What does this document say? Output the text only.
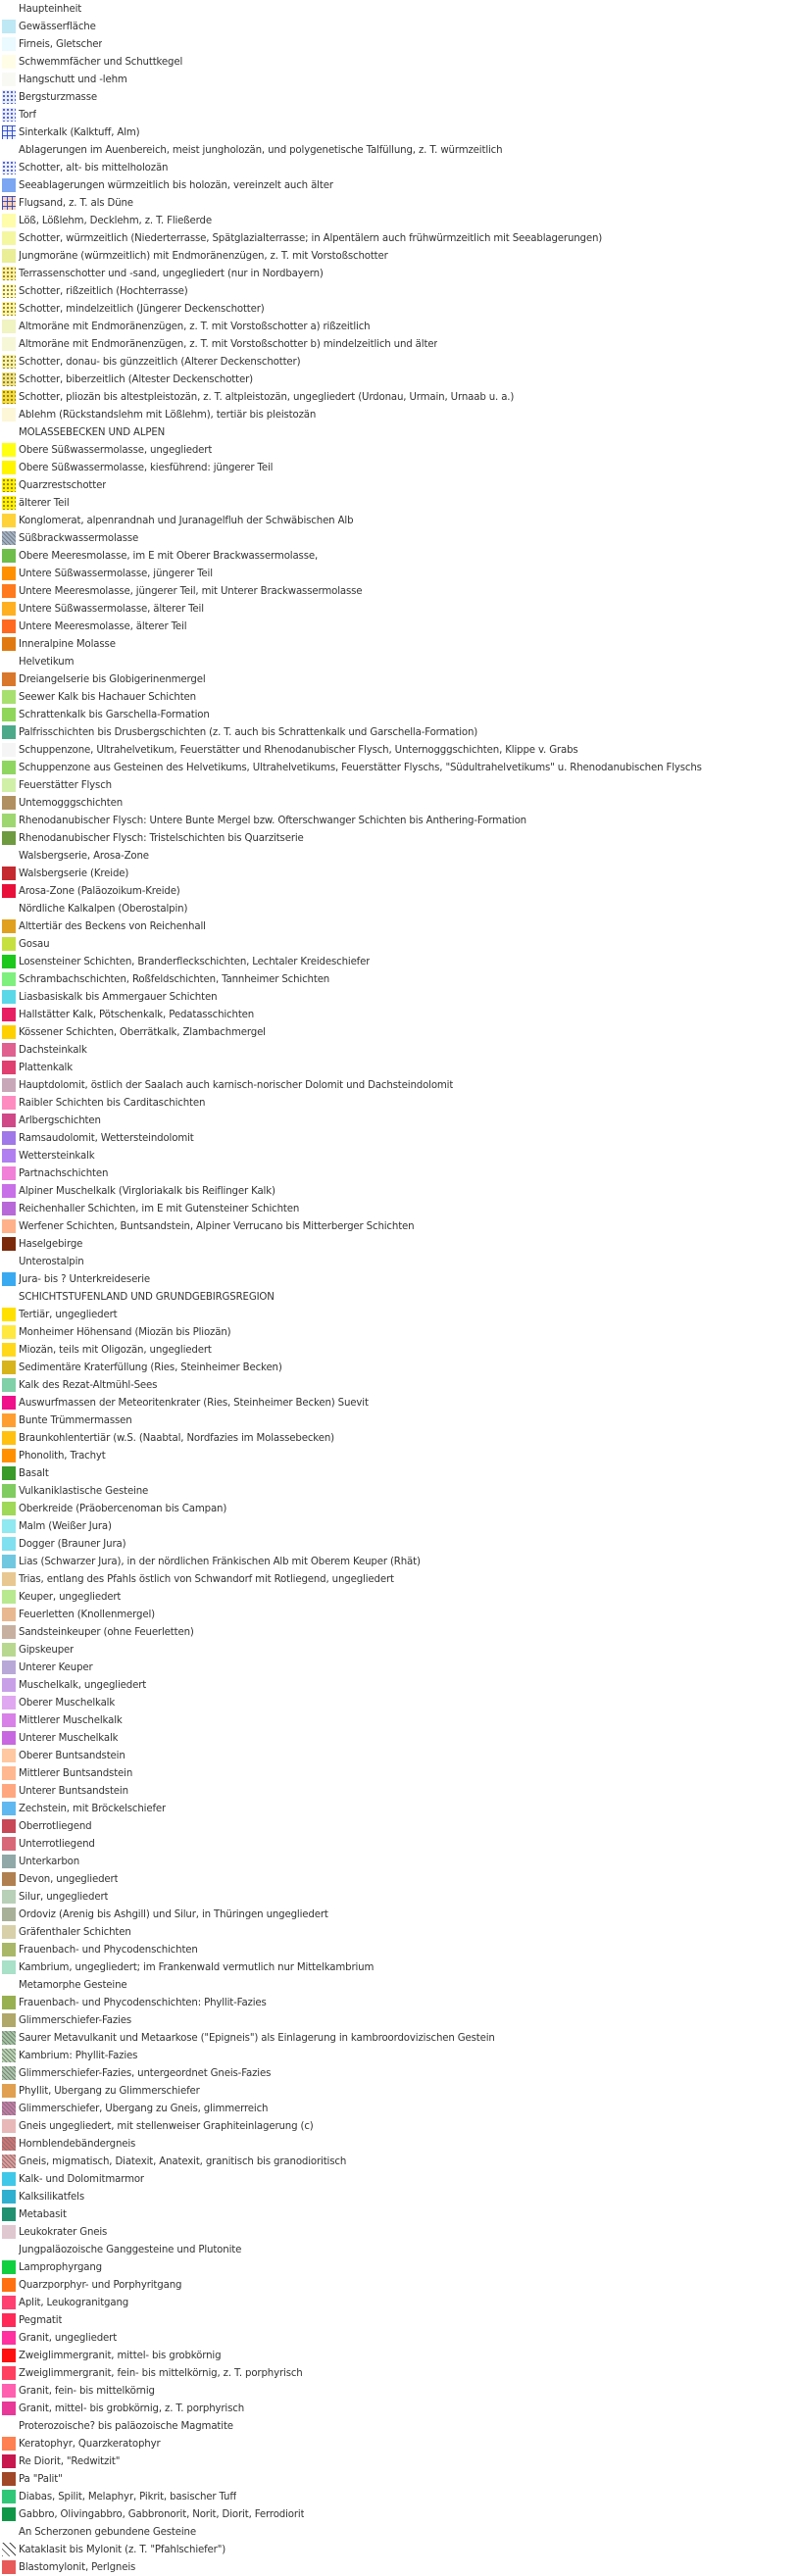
Haupteinheit
Gewässerfläche
Firneis, Gletscher
Schwemmfächer und Schuttkegel
Hangschutt und -lehm
Bergsturzmasse
Torf
Sinterkalk (Kalktuff, Alm)
Ablagerungen im Auenbereich, meist jungholozän, und polygenetische Talfüllung, z. T. würmzeitlich
Schotter, alt- bis mittelholozän
Seeablagerungen würmzeitlich bis holozän, vereinzelt auch älter
Flugsand, z. T. als Düne
Löß, Lößlehm, Decklehm, z. T. Fließerde
Schotter, würmzeitlich (Niederterrasse, Spätglazialterrasse; in Alpentälern auch frühwürmzeitlich mit Seeablagerungen)
Jungmoräne (würmzeitlich) mit Endmoränenzügen, z. T. mit Vorstoßschotter
Terrassenschotter und -sand, ungegliedert (nur in Nordbayern)
Schotter, rißzeitlich (Hochterrasse)
Schotter, mindelzeitlich (Jüngerer Deckenschotter)
Altmoräne mit Endmoränenzügen, z. T. mit Vorstoßschotter a) rißzeitlich
Altmoräne mit Endmoränenzügen, z. T. mit Vorstoßschotter b) mindelzeitlich und älter
Schotter, donau- bis günzzeitlich (Älterer Deckenschotter)
Schotter, biberzeitlich (Ältester Deckenschotter)
Schotter, pliozän bis altestpleistozän, z. T. altpleistozän, ungegliedert (Urdonau, Urmain, Urnaab u. a.)
Ablehm (Rückstandslehm mit Lößlehm), tertiär bis pleistozän
MOLASSEBECKEN UND ALPEN
Obere Süßwassermolasse, ungegliedert
Obere Süßwassermolasse, kiesführend: jüngerer Teil
Quarzrestschotter
älterer Teil
Konglomerat, alpenrandnah und Juranagelfluh der Schwäbischen Alb
Süßbrackwassermolasse
Obere Meeresmolasse, im E mit Oberer Brackwassermolasse,
Untere Süßwassermolasse, jüngerer Teil
Untere Meeresmolasse, jüngerer Teil, mit Unterer Brackwassermolasse
Untere Süßwassermolasse, älterer Teil
Untere Meeresmolasse, älterer Teil
Inneralpine Molasse
Helvetikum
Dreiangelserie bis Globigerinenmergel
Seewer Kalk bis Hachauer Schichten
Schrattenkalk bis Garschella-Formation
Palfrisschichten bis Drusbergschichten (z. T. auch bis Schrattenkalk und Garschella-Formation)
Schuppenzone, Ultrahelvetikum, Feuerstätter und Rhenodanubischer Flysch, Unternogggschichten, Klippe v. Grabs
Schuppenzone aus Gesteinen des Helvetikums, Ultrahelvetikums, Feuerstätter Flyschs, "Südultrahelvetikums" u. Rhenodanubischen Flyschs
Feuerstätter Flysch
Untemogggschichten
Rhenodanubischer Flysch: Untere Bunte Mergel bzw. Ofterschwanger Schichten bis Anthering-Formation
Rhenodanubischer Flysch: Tristelschichten bis Quarzitserie
Walsbergserie, Arosa-Zone
Walsbergserie (Kreide)
Arosa-Zone (Paläozoikum-Kreide)
Nördliche Kalkalpen (Oberostalpin)
Alttertiär des Beckens von Reichenhall
Gosau
Losensteiner Schichten, Branderfleckschichten, Lechtaler Kreideschiefer
Schrambachschichten, Roßfeldschichten, Tannheimer Schichten
Liasbasiskalk bis Ammergauer Schichten
Hallstätter Kalk, Pötschenkalk, Pedatasschichten
Kössener Schichten, Oberrätkalk, Zlambachmergel
Dachsteinkalk
Plattenkalk
Hauptdolomit, östlich der Saalach auch karnisch-norischer Dolomit und Dachsteindolomit
Raibler Schichten bis Carditaschichten
Arlbergschichten
Ramsaudolomit, Wettersteindolomit
Wettersteinkalk
Partnachschichten
Alpiner Muschelkalk (Virgloriakalk bis Reiflinger Kalk)
Reichenhaller Schichten, im E mit Gutensteiner Schichten
Werfener Schichten, Buntsandstein, Alpiner Verrucano bis Mitterberger Schichten
Haselgebirge
Unterostalpin
Jura- bis ? Unterkreideserie
SCHICHTSTUFENLAND UND GRUNDGEBIRGSREGION
Tertiär, ungegliedert
Monheimer Höhensand (Miozän bis Pliozän)
Miozän, teils mit Oligozän, ungegliedert
Sedimentäre Kraterfüllung (Ries, Steinheimer Becken)
Kalk des Rezat-Altmühl-Sees
Auswurfmassen der Meteoritenkrater (Ries, Steinheimer Becken) Suevit
Bunte Trümmermassen
Braunkohlentertiär (w.S. (Naabtal, Nordfazies im Molassebecken)
Phonolith, Trachyt
Basalt
Vulkaniklastische Gesteine
Oberkreide (Präobercenoman bis Campan)
Malm (Weißer Jura)
Dogger (Brauner Jura)
Lias (Schwarzer Jura), in der nördlichen Fränkischen Alb mit Oberem Keuper (Rhät)
Trias, entlang des Pfahls östlich von Schwandorf mit Rotliegend, ungegliedert
Keuper, ungegliedert
Feuerletten (Knollenmergel)
Sandsteinkeuper (ohne Feuerletten)
Gipskeuper
Unterer Keuper
Muschelkalk, ungegliedert
Oberer Muschelkalk
Mittlerer Muschelkalk
Unterer Muschelkalk
Oberer Buntsandstein
Mittlerer Buntsandstein
Unterer Buntsandstein
Zechstein, mit Bröckelschiefer
Oberrotliegend
Unterrotliegend
Unterkarbon
Devon, ungegliedert
Silur, ungegliedert
Ordoviz (Arenig bis Ashgill) und Silur, in Thüringen ungegliedert
Gräfenthaler Schichten
Frauenbach- und Phycodenschichten
Kambrium, ungegliedert; im Frankenwald vermutlich nur Mittelkambrium
Metamorphe Gesteine
Frauenbach- und Phycodenschichten: Phyllit-Fazies
Glimmerschiefer-Fazies
Saurer Metavulkanit und Metaarkose ("Epigneis") als Einlagerung in kambroordovizischen Gestein
Kambrium: Phyllit-Fazies
Glimmerschiefer-Fazies, untergeordnet Gneis-Fazies
Phyllit, Übergang zu Glimmerschiefer
Glimmerschiefer, Übergang zu Gneis, glimmerreich
Gneis ungegliedert, mit stellenweiser Graphiteinlagerung (c)
Hornblendebändergneis
Gneis, migmatisch, Diatexit, Anatexit, granitisch bis granodioritisch
Kalk- und Dolomitmarmor
Kalksilikatfels
Metabasit
Leukokrater Gneis
Jungpaläozoische Ganggesteine und Plutonite
Lamprophyrgang
Quarzporphyr- und Porphyritgang
Aplit, Leukogranitgang
Pegmatit
Granit, ungegliedert
Zweiglimmergranit, mittel- bis grobkörnig
Zweiglimmergranit, fein- bis mittelkörnig, z. T. porphyrisch
Granit, fein- bis mittelkörnig
Granit, mittel- bis grobkörnig, z. T. porphyrisch
Proterozoische? bis paläozoische Magmatite
Keratophyr, Quarzkeratophyr
Re Diorit, "Redwitzit"
Pa "Palit"
Diabas, Spilit, Melaphyr, Pikrit, basischer Tuff
Gabbro, Olivingabbro, Gabbronorit, Norit, Diorit, Ferrodiorit
An Scherzonen gebundene Gesteine
Kataklasit bis Mylonit (z. T. "Pfahlschiefer")
Blastomylonit, Perlgneis
